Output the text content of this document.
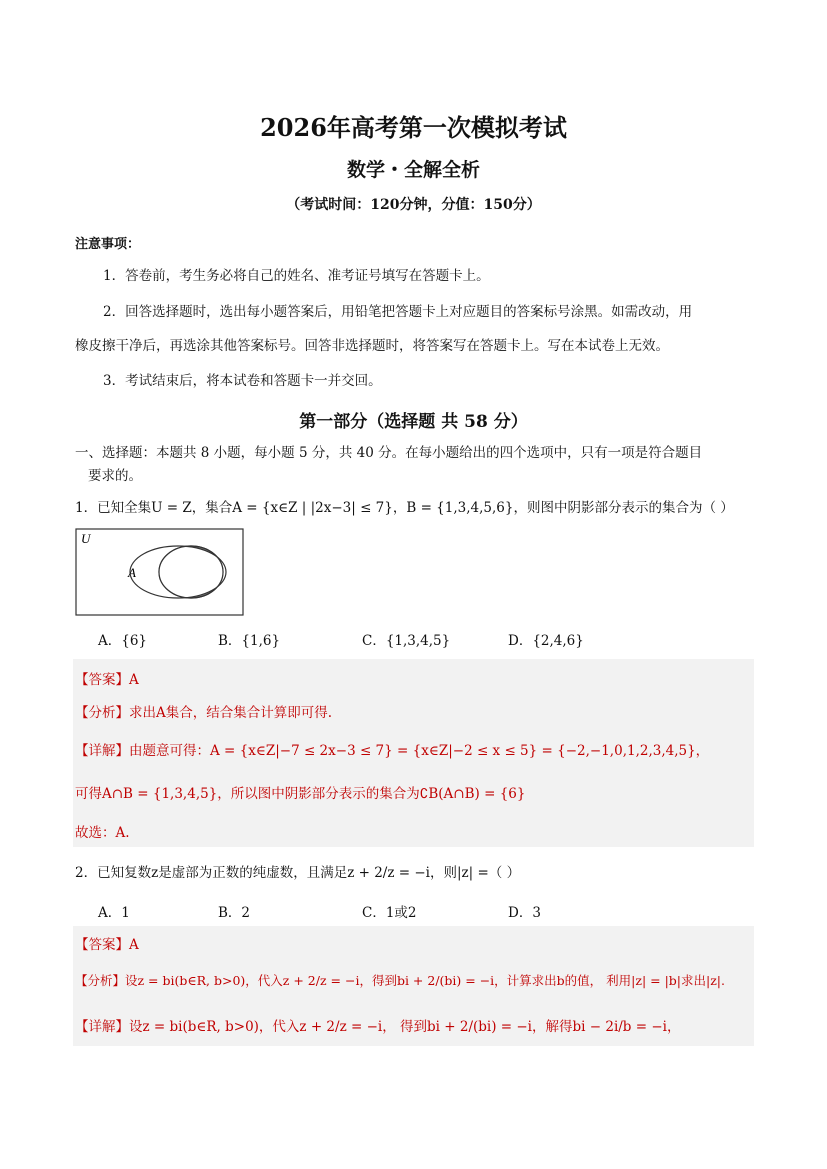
2026年高考第一次模拟考试
数学・全解全析
（考试时间：120分钟，分值：150分）
注意事项：
1．答卷前，考生务必将自己的姓名、准考证号填写在答题卡上。
2．回答选择题时，选出每小题答案后，用铅笔把答题卡上对应题目的答案标号涂黑。如需改动，用
橡皮擦干净后，再选涂其他答案标号。回答非选择题时，将答案写在答题卡上。写在本试卷上无效。
3．考试结束后，将本试卷和答题卡一并交回。
第一部分（选择题 共 58 分）
一、选择题：本题共 8 小题，每小题 5 分，共 40 分。在每小题给出的四个选项中，只有一项是符合题目
要求的。
1．已知全集U = Z，集合A = {x∈Z | |2x−3| ≤ 7}，B = {1,3,4,5,6}，则图中阴影部分表示的集合为（ ）
U
A	B
A．{6}	B．{1,6}	C．{1,3,4,5}	D．{2,4,6}
【答案】A
【分析】求出A集合，结合集合计算即可得.
【详解】由题意可得：A = {x∈Z|−7 ≤ 2x−3 ≤ 7} = {x∈Z|−2 ≤ x ≤ 5} = {−2,−1,0,1,2,3,4,5}，
可得A∩B = {1,3,4,5}，所以图中阴影部分表示的集合为∁B(A∩B) = {6}
故选：A.
2．已知复数z是虚部为正数的纯虚数，且满足z + 2/z = −i，则|z| =（ ）
A．1	B．2	C．1或2	D．3
【答案】A
【分析】设z = bi(b∈R, b>0)，代入z + 2/z = −i，得到bi + 2/(bi) = −i，计算求出b的值， 利用|z| = |b|求出|z|.
【详解】设z = bi(b∈R, b>0)，代入z + 2/z = −i， 得到bi + 2/(bi) = −i，解得bi − 2i/b = −i，
